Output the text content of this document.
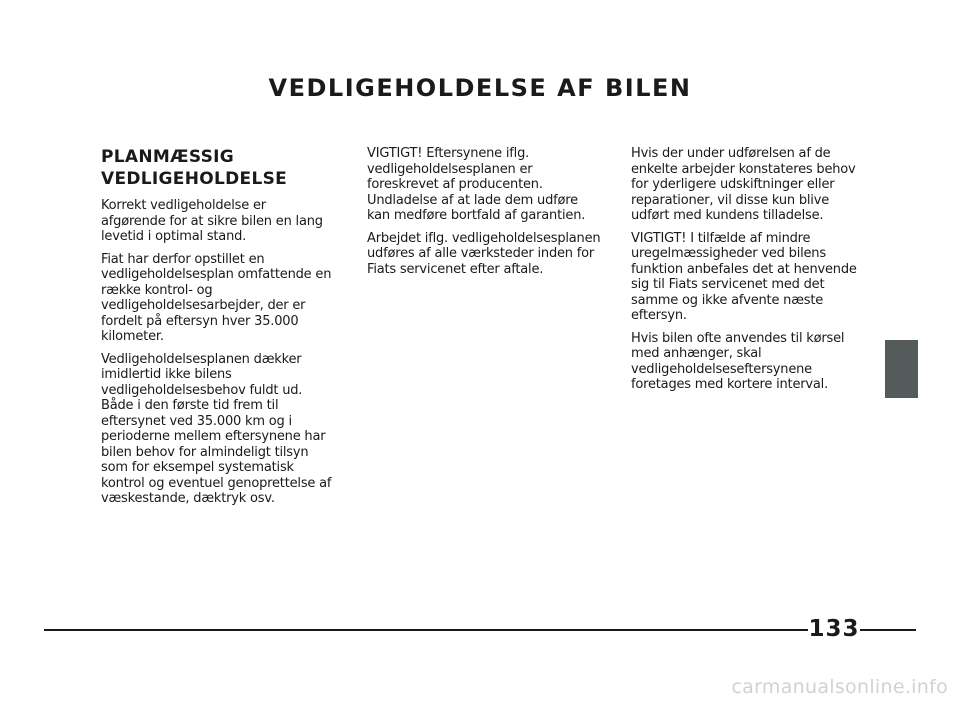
VEDLIGEHOLDELSE AF BILEN
PLANMÆSSIG
VEDLIGEHOLDELSE

Korrekt vedligeholdelse er afgørende for at sikre bilen en lang levetid i optimal stand.

Fiat har derfor opstillet en vedligeholdelsesplan omfattende en række kontrol- og vedligeholdelsesarbejder, der er fordelt på eftersyn hver 35.000 kilometer.

Vedligeholdelsesplanen dækker imidlertid ikke bilens vedligeholdelsesbehov fuldt ud. Både i den første tid frem til eftersynet ved 35.000 km og i perioderne mellem eftersynene har bilen behov for almindeligt tilsyn som for eksempel systematisk kontrol og eventuel genoprettelse af væskestande, dæktryk osv.

VIGTIGT! Eftersynene iflg. vedligeholdelsesplanen er foreskrevet af producenten. Undladelse af at lade dem udføre kan medføre bortfald af garantien.

Arbejdet iflg. vedligeholdelsesplanen udføres af alle værksteder inden for Fiats servicenet efter aftale.

Hvis der under udførelsen af de enkelte arbejder konstateres behov for yderligere udskiftninger eller reparationer, vil disse kun blive udført med kundens tilladelse.

VIGTIGT! I tilfælde af mindre uregelmæssigheder ved bilens funktion anbefales det at henvende sig til Fiats servicenet med det samme og ikke afvente næste eftersyn.

Hvis bilen ofte anvendes til kørsel med anhænger, skal vedligeholdelseseftersynene foretages med kortere interval.

133
carmanualsonline.info
